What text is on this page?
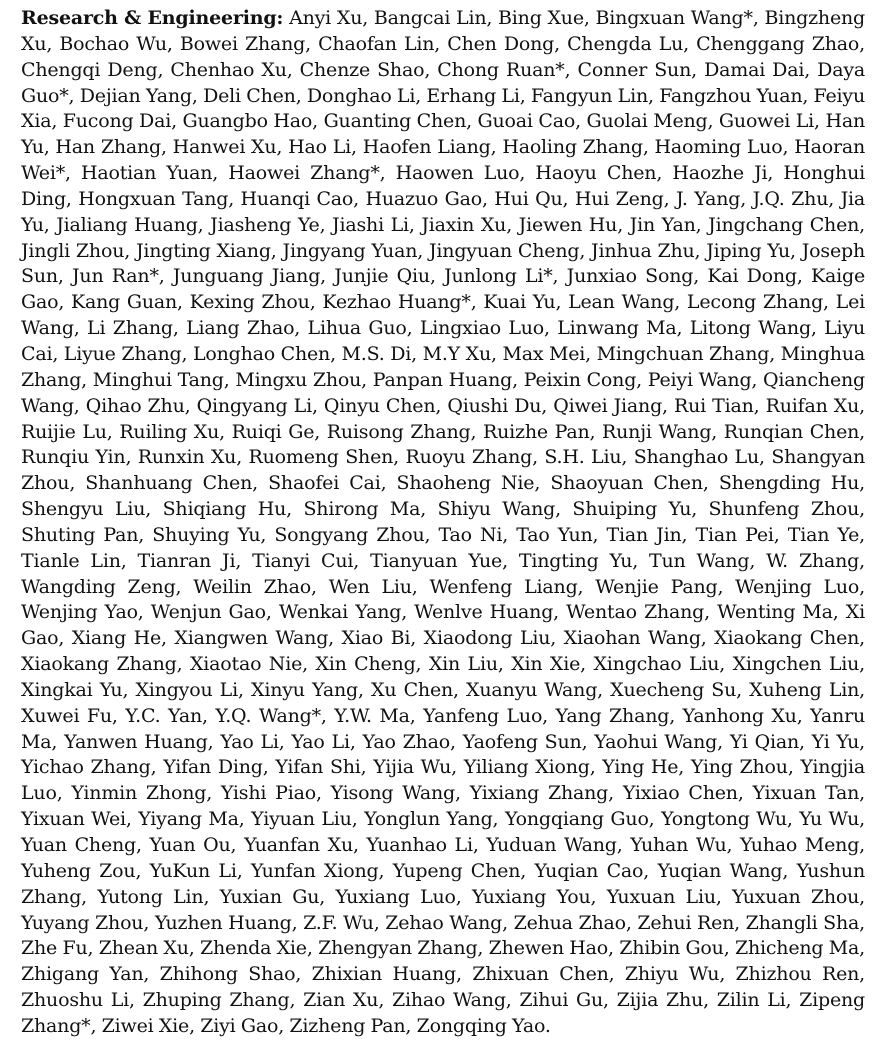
Research & Engineering: Anyi Xu, Bangcai Lin, Bing Xue, Bingxuan Wang*, Bingzheng Xu, Bochao Wu, Bowei Zhang, Chaofan Lin, Chen Dong, Chengda Lu, Chenggang Zhao, Chengqi Deng, Chenhao Xu, Chenze Shao, Chong Ruan*, Conner Sun, Damai Dai, Daya Guo*, Dejian Yang, Deli Chen, Donghao Li, Erhang Li, Fangyun Lin, Fangzhou Yuan, Feiyu Xia, Fucong Dai, Guangbo Hao, Guanting Chen, Guoai Cao, Guolai Meng, Guowei Li, Han Yu, Han Zhang, Hanwei Xu, Hao Li, Haofen Liang, Haoling Zhang, Haoming Luo, Haoran Wei*, Haotian Yuan, Haowei Zhang*, Haowen Luo, Haoyu Chen, Haozhe Ji, Honghui Ding, Hongxuan Tang, Huanqi Cao, Huazuo Gao, Hui Qu, Hui Zeng, J. Yang, J.Q. Zhu, Jia Yu, Jialiang Huang, Jiasheng Ye, Jiashi Li, Jiaxin Xu, Jiewen Hu, Jin Yan, Jingchang Chen, Jingli Zhou, Jingting Xiang, Jingyang Yuan, Jingyuan Cheng, Jinhua Zhu, Jiping Yu, Joseph Sun, Jun Ran*, Junguang Jiang, Junjie Qiu, Junlong Li*, Junxiao Song, Kai Dong, Kaige Gao, Kang Guan, Kexing Zhou, Kezhao Huang*, Kuai Yu, Lean Wang, Lecong Zhang, Lei Wang, Li Zhang, Liang Zhao, Lihua Guo, Lingxiao Luo, Linwang Ma, Litong Wang, Liyu Cai, Liyue Zhang, Longhao Chen, M.S. Di, M.Y Xu, Max Mei, Mingchuan Zhang, Minghua Zhang, Minghui Tang, Mingxu Zhou, Panpan Huang, Peixin Cong, Peiyi Wang, Qiancheng Wang, Qihao Zhu, Qingyang Li, Qinyu Chen, Qiushi Du, Qiwei Jiang, Rui Tian, Ruifan Xu, Ruijie Lu, Ruiling Xu, Ruiqi Ge, Ruisong Zhang, Ruizhe Pan, Runji Wang, Runqian Chen, Runqiu Yin, Runxin Xu, Ruomeng Shen, Ruoyu Zhang, S.H. Liu, Shanghao Lu, Shangyan Zhou, Shanhuang Chen, Shaofei Cai, Shaoheng Nie, Shaoyuan Chen, Shengding Hu, Shengyu Liu, Shiqiang Hu, Shirong Ma, Shiyu Wang, Shuiping Yu, Shunfeng Zhou, Shuting Pan, Shuying Yu, Songyang Zhou, Tao Ni, Tao Yun, Tian Jin, Tian Pei, Tian Ye, Tianle Lin, Tianran Ji, Tianyi Cui, Tianyuan Yue, Tingting Yu, Tun Wang, W. Zhang, Wangding Zeng, Weilin Zhao, Wen Liu, Wenfeng Liang, Wenjie Pang, Wenjing Luo, Wenjing Yao, Wenjun Gao, Wenkai Yang, Wenlve Huang, Wentao Zhang, Wenting Ma, Xi Gao, Xiang He, Xiangwen Wang, Xiao Bi, Xiaodong Liu, Xiaohan Wang, Xiaokang Chen, Xiaokang Zhang, Xiaotao Nie, Xin Cheng, Xin Liu, Xin Xie, Xingchao Liu, Xingchen Liu, Xingkai Yu, Xingyou Li, Xinyu Yang, Xu Chen, Xuanyu Wang, Xuecheng Su, Xuheng Lin, Xuwei Fu, Y.C. Yan, Y.Q. Wang*, Y.W. Ma, Yanfeng Luo, Yang Zhang, Yanhong Xu, Yanru Ma, Yanwen Huang, Yao Li, Yao Li, Yao Zhao, Yaofeng Sun, Yaohui Wang, Yi Qian, Yi Yu, Yichao Zhang, Yifan Ding, Yifan Shi, Yijia Wu, Yiliang Xiong, Ying He, Ying Zhou, Yingjia Luo, Yinmin Zhong, Yishi Piao, Yisong Wang, Yixiang Zhang, Yixiao Chen, Yixuan Tan, Yixuan Wei, Yiyang Ma, Yiyuan Liu, Yonglun Yang, Yongqiang Guo, Yongtong Wu, Yu Wu, Yuan Cheng, Yuan Ou, Yuanfan Xu, Yuanhao Li, Yuduan Wang, Yuhan Wu, Yuhao Meng, Yuheng Zou, YuKun Li, Yunfan Xiong, Yupeng Chen, Yuqian Cao, Yuqian Wang, Yushun Zhang, Yutong Lin, Yuxian Gu, Yuxiang Luo, Yuxiang You, Yuxuan Liu, Yuxuan Zhou, Yuyang Zhou, Yuzhen Huang, Z.F. Wu, Zehao Wang, Zehua Zhao, Zehui Ren, Zhangli Sha, Zhe Fu, Zhean Xu, Zhenda Xie, Zhengyan Zhang, Zhewen Hao, Zhibin Gou, Zhicheng Ma, Zhigang Yan, Zhihong Shao, Zhixian Huang, Zhixuan Chen, Zhiyu Wu, Zhizhou Ren, Zhuoshu Li, Zhuping Zhang, Zian Xu, Zihao Wang, Zihui Gu, Zijia Zhu, Zilin Li, Zipeng Zhang*, Ziwei Xie, Ziyi Gao, Zizheng Pan, Zongqing Yao.
